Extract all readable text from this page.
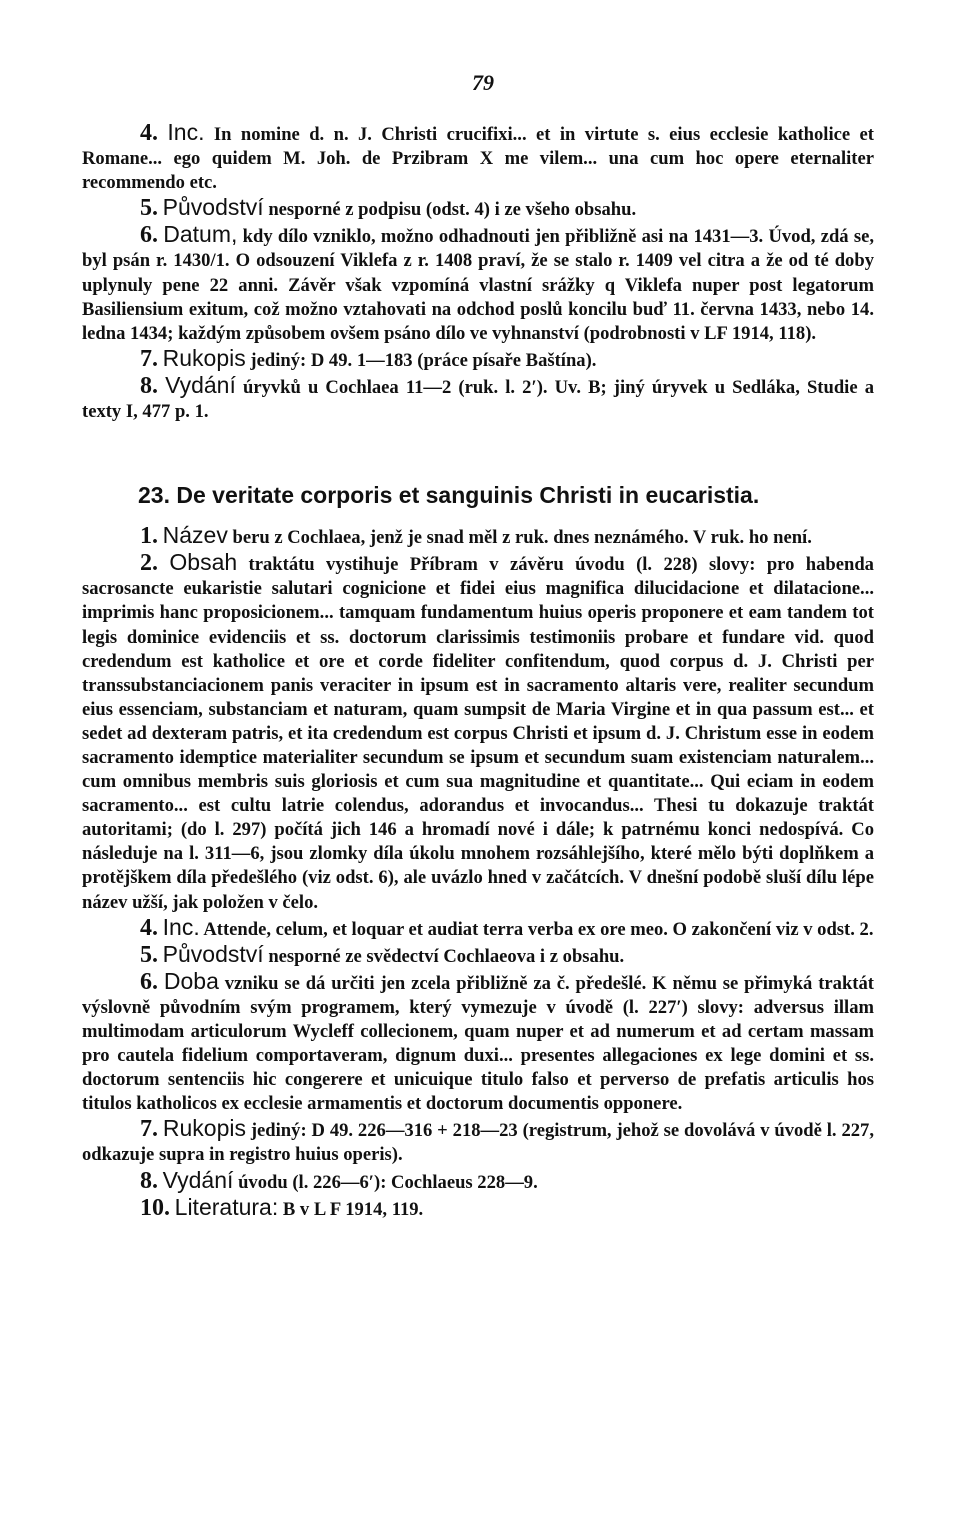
79

4. Inc. In nomine d. n. J. Christi crucifixi... et in virtute s. eius ecclesie katholice et Romane... ego quidem M. Joh. de Przibram X me vilem... una cum hoc opere eternaliter recommendo etc.

5. Původství nesporné z podpisu (odst. 4) i ze všeho obsahu.

6. Datum, kdy dílo vzniklo, možno odhadnouti jen přibližně asi na 1431—3. Úvod, zdá se, byl psán r. 1430/1. O odsouzení Viklefa z r. 1408 praví, že se stalo r. 1409 vel citra a že od té doby uplynuly pene 22 anni. Závěr však vzpomíná vlastní srážky q Viklefa nuper post legatorum Basiliensium exitum, což možno vztahovati na odchod poslů koncilu buď 11. června 1433, nebo 14. ledna 1434; každým způsobem ovšem psáno dílo ve vyhnanství (podrobnosti v LF 1914, 118).

7. Rukopis jediný: D 49. 1—183 (práce písaře Baštína).

8. Vydání úryvků u Cochlaea 11—2 (ruk. l. 2′). Uv. B; jiný úryvek u Sedláka, Studie a texty I, 477 p. 1.

23. De veritate corporis et sanguinis Christi in eucaristia.

1. Název beru z Cochlaea, jenž je snad měl z ruk. dnes neznámého. V ruk. ho není.

2. Obsah traktátu vystihuje Příbram v závěru úvodu (l. 228) slovy: pro habenda sacrosancte eukaristie salutari cognicione et fidei eius magnifica dilucidacione et dilatacione... imprimis hanc proposicionem... tamquam fundamentum huius operis proponere et eam tandem tot legis dominice evidenciis et ss. doctorum clarissimis testimoniis probare et fundare vid. quod credendum est katholice et ore et corde fideliter confitendum, quod corpus d. J. Christi per transsubstanciacionem panis veraciter in ipsum est in sacramento altaris vere, realiter secundum eius essenciam, substanciam et naturam, quam sumpsit de Maria Virgine et in qua passum est... et sedet ad dexteram patris, et ita credendum est corpus Christi et ipsum d. J. Christum esse in eodem sacramento idemptice materialiter secundum se ipsum et secundum suam existenciam naturalem... cum omnibus membris suis gloriosis et cum sua magnitudine et quantitate... Qui eciam in eodem sacramento... est cultu latrie colendus, adorandus et invocandus... Thesi tu dokazuje traktát autoritami; (do l. 297) počítá jich 146 a hromadí nové i dále; k patrnému konci nedospívá. Co následuje na l. 311—6, jsou zlomky díla úkolu mnohem rozsáhlejšího, které mělo býti doplňkem a protějškem díla předešlého (viz odst. 6), ale uvázlo hned v začátcích. V dnešní podobě sluší dílu lépe název užší, jak položen v čelo.

4. Inc. Attende, celum, et loquar et audiat terra verba ex ore meo. O zakončení viz v odst. 2.

5. Původství nesporné ze svědectví Cochlaeova i z obsahu.

6. Doba vzniku se dá určiti jen zcela přibližně za č. předešlé. K němu se přimyká traktát výslovně původním svým programem, který vymezuje v úvodě (l. 227′) slovy: adversus illam multimodam articulorum Wycleff collecionem, quam nuper et ad numerum et ad certam massam pro cautela fidelium comportaveram, dignum duxi... presentes allegaciones ex lege domini et ss. doctorum sentenciis hic congerere et unicuique titulo falso et perverso de prefatis articulis hos titulos katholicos ex ecclesie armamentis et doctorum documentis opponere.

7. Rukopis jediný: D 49. 226—316 + 218—23 (registrum, jehož se dovolává v úvodě l. 227, odkazuje supra in registro huius operis).

8. Vydání úvodu (l. 226—6′): Cochlaeus 228—9.

10. Literatura: B v L F 1914, 119.
